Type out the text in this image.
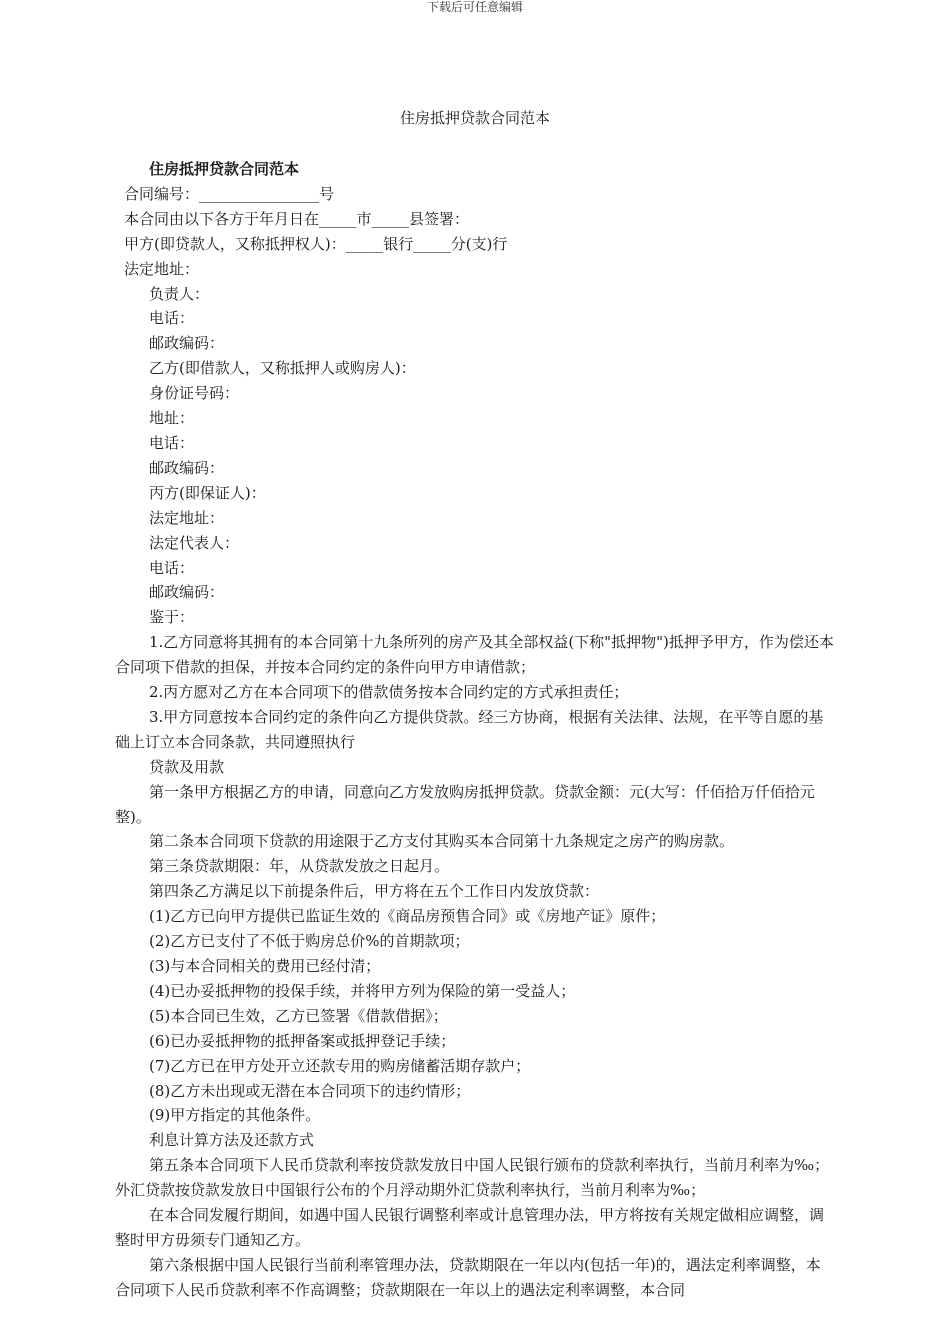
下载后可任意编辑
住房抵押贷款合同范本

住房抵押贷款合同范本

合同编号：________________号

本合同由以下各方于年月日在_____市_____县签署：

甲方(即贷款人，又称抵押权人)：_____银行_____分(支)行

法定地址：

负责人：

电话：

邮政编码：

乙方(即借款人，又称抵押人或购房人)：

身份证号码：

地址：

电话：

邮政编码：

丙方(即保证人)：

法定地址：

法定代表人：

电话：

邮政编码：

鉴于：

1.乙方同意将其拥有的本合同第十九条所列的房产及其全部权益(下称"抵押物")抵押予甲方，作为偿还本合同项下借款的担保，并按本合同约定的条件向甲方申请借款；

2.丙方愿对乙方在本合同项下的借款债务按本合同约定的方式承担责任；

3.甲方同意按本合同约定的条件向乙方提供贷款。经三方协商，根据有关法律、法规，在平等自愿的基础上订立本合同条款，共同遵照执行

贷款及用款

第一条甲方根据乙方的申请，同意向乙方发放购房抵押贷款。贷款金额：元(大写：仟佰拾万仟佰拾元整)。

第二条本合同项下贷款的用途限于乙方支付其购买本合同第十九条规定之房产的购房款。

第三条贷款期限：年，从贷款发放之日起月。

第四条乙方满足以下前提条件后，甲方将在五个工作日内发放贷款：

(1)乙方已向甲方提供已监证生效的《商品房预售合同》或《房地产证》原件；

(2)乙方已支付了不低于购房总价%的首期款项；

(3)与本合同相关的费用已经付清；

(4)已办妥抵押物的投保手续，并将甲方列为保险的第一受益人；

(5)本合同已生效，乙方已签署《借款借据》；

(6)已办妥抵押物的抵押备案或抵押登记手续；

(7)乙方已在甲方处开立还款专用的购房储蓄活期存款户；

(8)乙方未出现或无潜在本合同项下的违约情形；

(9)甲方指定的其他条件。

利息计算方法及还款方式

第五条本合同项下人民币贷款利率按贷款发放日中国人民银行颁布的贷款利率执行，当前月利率为‰；外汇贷款按贷款发放日中国银行公布的个月浮动期外汇贷款利率执行，当前月利率为‰；

在本合同发履行期间，如遇中国人民银行调整利率或计息管理办法，甲方将按有关规定做相应调整，调整时甲方毋须专门通知乙方。

第六条根据中国人民银行当前利率管理办法，贷款期限在一年以内(包括一年)的，遇法定利率调整，本合同项下人民币贷款利率不作高调整；贷款期限在一年以上的遇法定利率调整，本合同
